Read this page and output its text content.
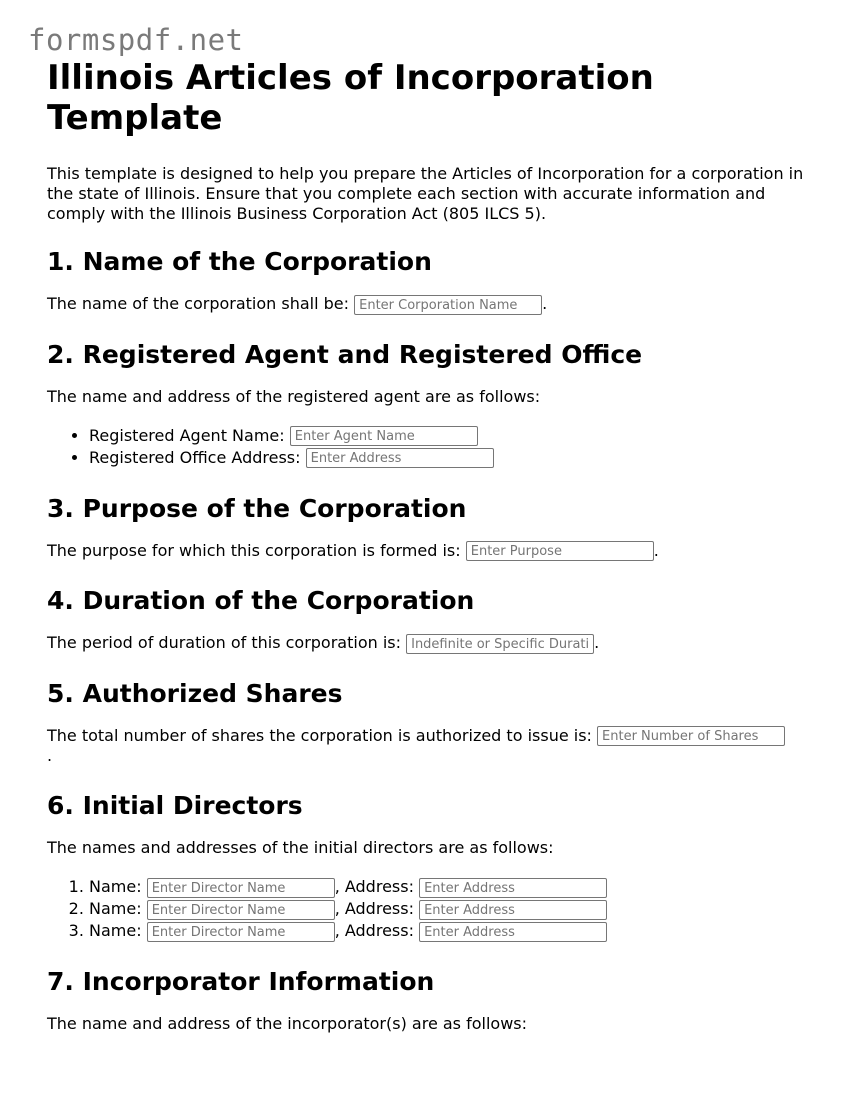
formspdf.net
Illinois Articles of Incorporation Template

This template is designed to help you prepare the Articles of Incorporation for a corporation in the state of Illinois. Ensure that you complete each section with accurate information and comply with the Illinois Business Corporation Act (805 ILCS 5).

1. Name of the Corporation

The name of the corporation shall be: Enter Corporation Name	.

2. Registered Agent and Registered Office

The name and address of the registered agent are as follows:

• Registered Agent Name: Enter Agent Name
• Registered Office Address: Enter Address
3. Purpose of the Corporation

The purpose for which this corporation is formed is: Enter Purpose	.

4. Duration of the Corporation

The period of duration of this corporation is: Indefinite or Specific Duration	.

5. Authorized Shares

The total number of shares the corporation is authorized to issue is: Enter Number of Shares
.

6. Initial Directors

The names and addresses of the initial directors are as follows:

1. Name: Enter Director Name	, Address: Enter Address
2. Name: Enter Director Name	, Address: Enter Address
3. Name: Enter Director Name	, Address: Enter Address
7. Incorporator Information

The name and address of the incorporator(s) are as follows:
